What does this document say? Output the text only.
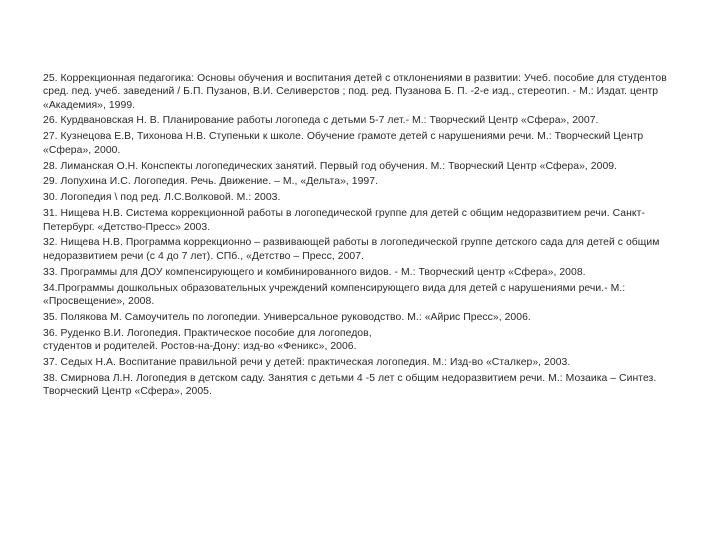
25. Коррекционная педагогика: Основы обучения и воспитания детей с отклонениями в развитии: Учеб. пособие для студентов сред. пед. учеб. заведений / Б.П. Пузанов, В.И. Селиверстов ; под. ред. Пузанова Б. П. -2-е изд., стереотип. - М.: Издат. центр «Академия», 1999.
26. Курдвановская Н. В. Планирование работы логопеда с детьми 5-7 лет.- М.: Творческий Центр «Сфера», 2007.
27. Кузнецова Е.В, Тихонова Н.В. Ступеньки к школе. Обучение грамоте детей с нарушениями речи. М.: Творческий Центр «Сфера», 2000.
28. Лиманская О.Н. Конспекты логопедических занятий. Первый год обучения. М.: Творческий Центр «Сфера», 2009.
29. Лопухина И.С. Логопедия. Речь. Движение. – М., «Дельта», 1997.
30. Логопедия \ под ред. Л.С.Волковой. М.: 2003.
31. Нищева Н.В. Система коррекционной работы в логопедической группе для детей с общим недоразвитием речи. Санкт-Петербург. «Детство-Пресс» 2003.
32. Нищева Н.В. Программа коррекционно – развивающей работы в логопедической группе детского сада для детей с общим недоразвитием речи (с 4 до 7 лет). СПб., «Детство – Пресс, 2007.
33. Программы для ДОУ компенсирующего и комбинированного видов. - М.: Творческий центр «Сфера», 2008.
34.Программы дошкольных образовательных учреждений компенсирующего вида для детей с нарушениями речи.- М.: «Просвещение», 2008.
35. Полякова М. Самоучитель по логопедии. Универсальное руководство. М.: «Айрис Пресс», 2006.
36. Руденко В.И. Логопедия. Практическое пособие для логопедов,
студентов и родителей. Ростов-на-Дону: изд-во «Феникс», 2006.
37. Седых Н.А. Воспитание правильной речи у детей: практическая логопедия. М.: Изд-во «Сталкер», 2003.
38. Смирнова Л.Н. Логопедия в детском саду. Занятия с детьми 4 -5 лет с общим недоразвитием речи. М.: Мозаика – Синтез. Творческий Центр «Сфера», 2005.
